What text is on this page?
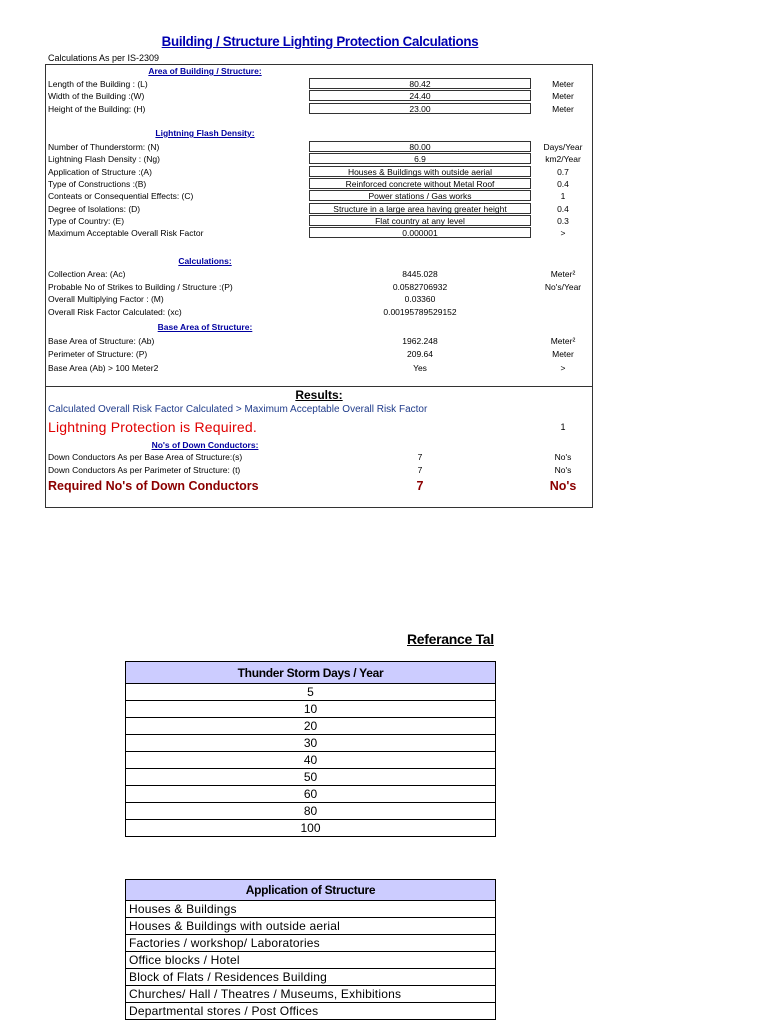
Building / Structure Lighting Protection Calculations
Calculations As per IS-2309
Area of Building / Structure:
Length of the Building : (L)	80.42	Meter
Width of the Building :(W)	24.40	Meter
Height of the Building: (H)	23.00	Meter
Lightning Flash Density:
Number of Thunderstorm: (N)	80.00	Days/Year
Lightning Flash Density : (Ng)	6.9	km2/Year
Application of Structure :(A)	Houses & Buildings with outside aerial	0.7
Type of Constructions :(B)	Reinforced concrete without Metal Roof	0.4
Conteats or Consequential Effects: (C)	Power stations / Gas works	1
Degree of Isolations: (D)	Structure in a large area having greater height	0.4
Type of Country: (E)	Flat country at any level	0.3
Maximum Acceptable Overall Risk Factor	0.000001	>
Calculations:
Collection Area: (Ac)	8445.028	Meter²
Probable No of Strikes to Building / Structure :(P)	0.0582706932	No's/Year
Overall Multiplying Factor : (M)	0.03360
Overall Risk Factor Calculated: (xc)	0.00195789529152
Base Area of Structure:
Base Area of Structure: (Ab)	1962.248	Meter²
Perimeter of Structure: (P)	209.64	Meter
Base Area (Ab) > 100 Meter2	Yes	>
Results:
Calculated Overall Risk Factor Calculated > Maximum Acceptable Overall Risk Factor
Lightning Protection is Required.	1
No's of Down Conductors:
Down Conductors As per Base Area of Structure:(s)	7	No's
Down Conductors As per Parimeter of Structure: (t)	7	No's
Required No's of Down Conductors	7	No's
Referance Tal
Thunder Storm Days / Year
5
10
20
30
40
50
60
80
100
Application of Structure
Houses & Buildings
Houses & Buildings with outside aerial
Factories / workshop/ Laboratories
Office blocks / Hotel
Block of Flats / Residences Building
Churches/ Hall / Theatres / Museums, Exhibitions
Departmental stores / Post Offices
